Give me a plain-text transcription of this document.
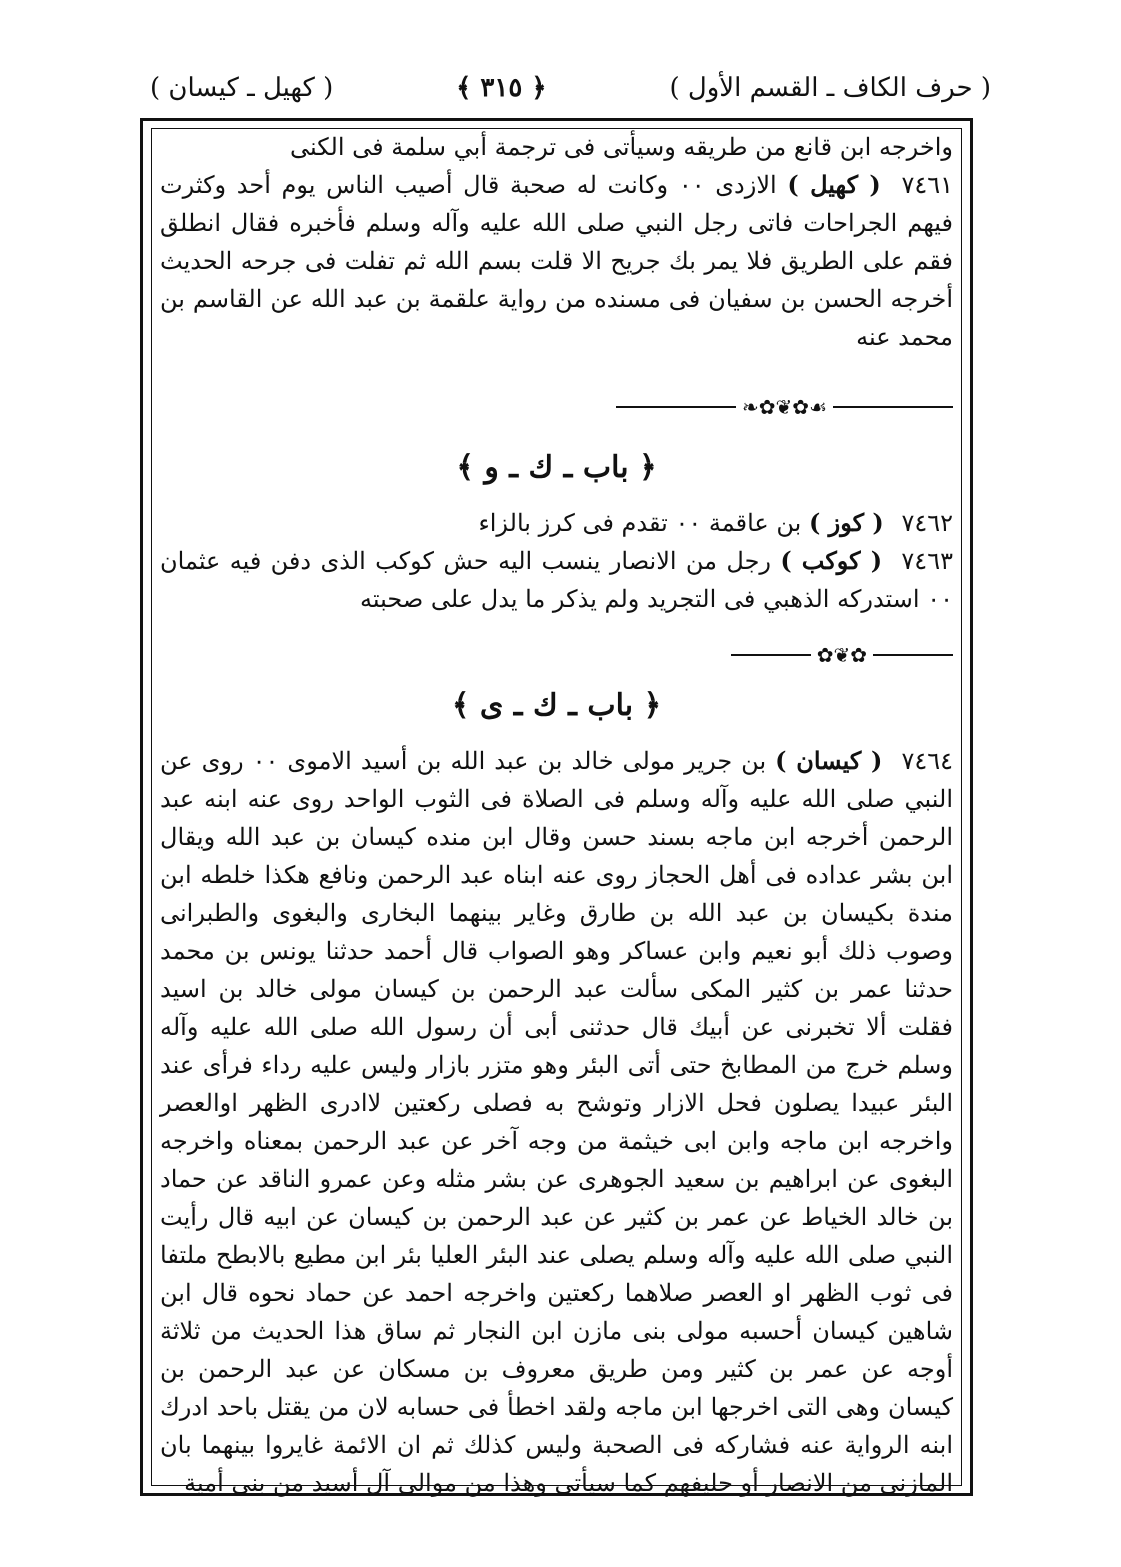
( حرف الكاف ـ القسم الأول )
﴿ ٣١٥ ﴾
( كهيل ـ كيسان )

واخرجه ابن قانع من طريقه وسيأتى فى ترجمة أبي سلمة فى الكنى

٧٤٦١ ( كهيل ) الازدى ٠٠ وكانت له صحبة قال أصيب الناس يوم أحد وكثرت فيهم الجراحات فاتى رجل النبي صلى الله عليه وآله وسلم فأخبره فقال انطلق فقم على الطريق فلا يمر بك جريح الا قلت بسم الله ثم تفلت فى جرحه الحديث أخرجه الحسن بن سفيان فى مسنده من رواية علقمة بن عبد الله عن القاسم بن محمد عنه

❧✿❦✿☙
﴿ باب ـ ك ـ و ﴾

٧٤٦٢ ( كوز ) بن عاقمة ٠٠ تقدم فى كرز بالزاء

٧٤٦٣ ( كوكب ) رجل من الانصار ينسب اليه حش كوكب الذى دفن فيه عثمان ٠٠ استدركه الذهبي فى التجريد ولم يذكر ما يدل على صحبته

✿❦✿
﴿ باب ـ ك ـ ى ﴾

٧٤٦٤ ( كيسان ) بن جرير مولى خالد بن عبد الله بن أسيد الاموى ٠٠ روى عن النبي صلى الله عليه وآله وسلم فى الصلاة فى الثوب الواحد روى عنه ابنه عبد الرحمن أخرجه ابن ماجه بسند حسن وقال ابن منده كيسان بن عبد الله ويقال ابن بشر عداده فى أهل الحجاز روى عنه ابناه عبد الرحمن ونافع هكذا خلطه ابن مندة بكيسان بن عبد الله بن طارق وغاير بينهما البخارى والبغوى والطبرانى وصوب ذلك أبو نعيم وابن عساكر وهو الصواب قال أحمد حدثنا يونس بن محمد حدثنا عمر بن كثير المكى سألت عبد الرحمن بن كيسان مولى خالد بن اسيد فقلت ألا تخبرنى عن أبيك قال حدثنى أبى أن رسول الله صلى الله عليه وآله وسلم خرج من المطابخ حتى أتى البئر وهو متزر بازار وليس عليه رداء فرأى عند البئر عبيدا يصلون فحل الازار وتوشح به فصلى ركعتين لاادرى الظهر اوالعصر واخرجه ابن ماجه وابن ابى خيثمة من وجه آخر عن عبد الرحمن بمعناه واخرجه البغوى عن ابراهيم بن سعيد الجوهرى عن بشر مثله وعن عمرو الناقد عن حماد بن خالد الخياط عن عمر بن كثير عن عبد الرحمن بن كيسان عن ابيه قال رأيت النبي صلى الله عليه وآله وسلم يصلى عند البئر العليا بئر ابن مطيع بالابطح ملتفا فى ثوب الظهر او العصر صلاهما ركعتين واخرجه احمد عن حماد نحوه قال ابن شاهين كيسان أحسبه مولى بنى مازن ابن النجار ثم ساق هذا الحديث من ثلاثة أوجه عن عمر بن كثير ومن طريق معروف بن مسكان عن عبد الرحمن بن كيسان وهى التى اخرجها ابن ماجه ولقد اخطأ فى حسابه لان من يقتل باحد ادرك ابنه الرواية عنه فشاركه فى الصحبة وليس كذلك ثم ان الائمة غايروا بينهما بان المازنى من الانصار أو حليفهم كما سيأتى وهذا من موالى آل أسيد من بنى أمية
